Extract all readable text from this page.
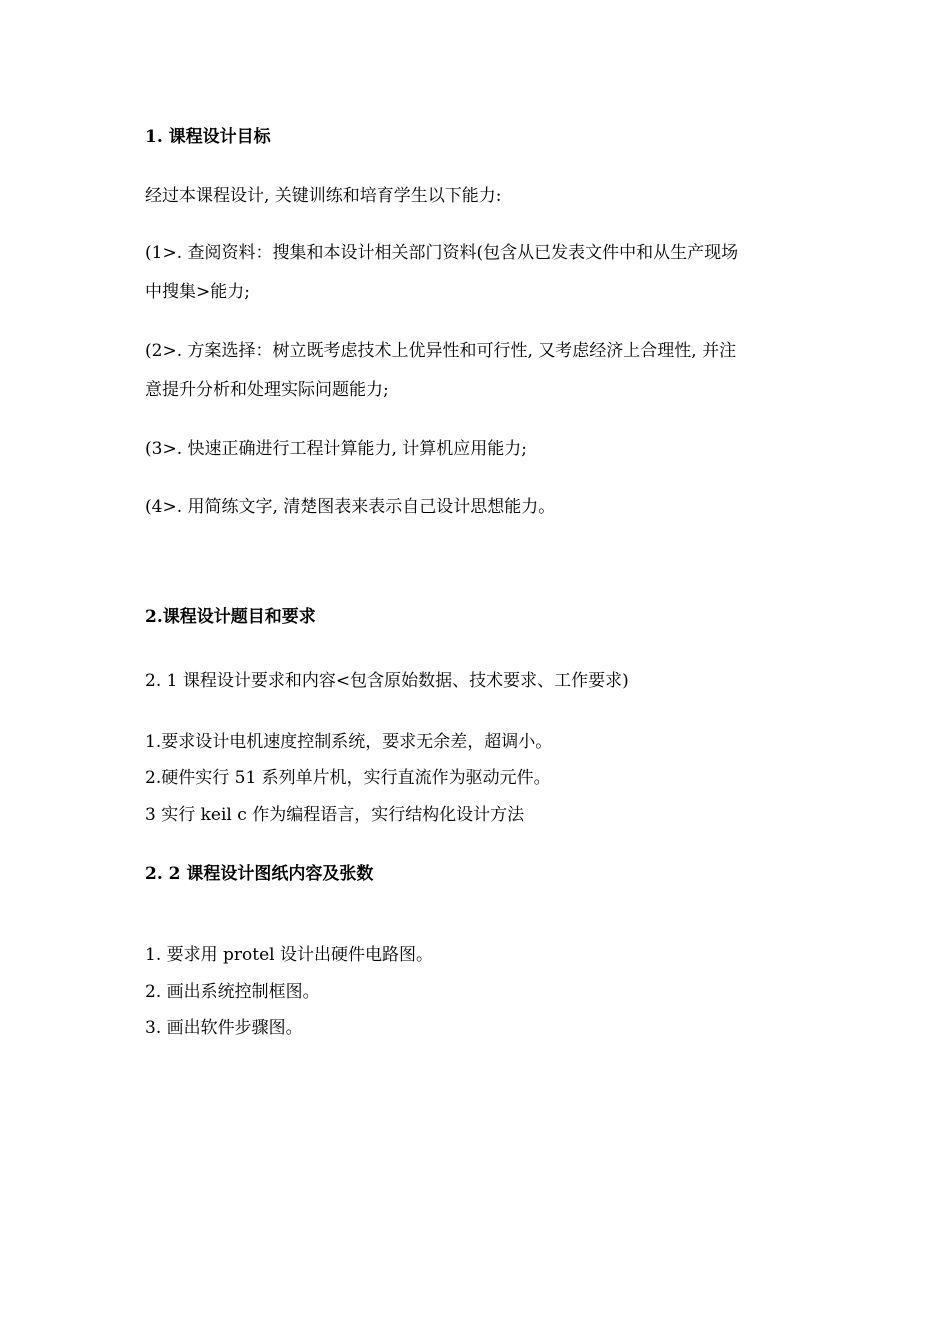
1. 课程设计目标
经过本课程设计, 关键训练和培育学生以下能力:
(1>. 查阅资料：搜集和本设计相关部门资料(包含从已发表文件中和从生产现场
中搜集>能力;
(2>. 方案选择：树立既考虑技术上优异性和可行性, 又考虑经济上合理性, 并注
意提升分析和处理实际问题能力;
(3>. 快速正确进行工程计算能力, 计算机应用能力;
(4>. 用简练文字, 清楚图表来表示自己设计思想能力。
2.课程设计题目和要求
2. 1 课程设计要求和内容<包含原始数据、技术要求、工作要求)
1.要求设计电机速度控制系统，要求无余差，超调小。
2.硬件实行 51 系列单片机，实行直流作为驱动元件。
3 实行 keil c 作为编程语言，实行结构化设计方法
2. 2 课程设计图纸内容及张数
1. 要求用 protel 设计出硬件电路图。
2. 画出系统控制框图。
3. 画出软件步骤图。
